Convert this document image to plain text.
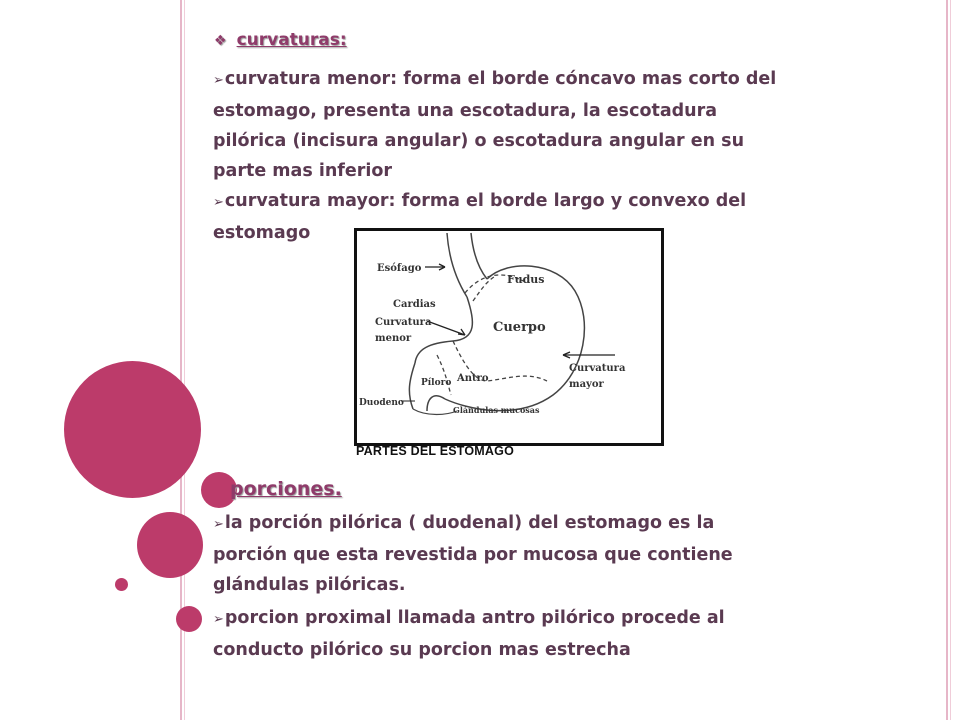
❖ curvaturas:
➢curvatura menor: forma el borde cóncavo mas corto del estomago, presenta una escotadura, la escotadura pilórica (incisura angular) o escotadura angular en su parte mas inferior
➢curvatura mayor: forma el borde largo y convexo del estomago
Esófago
Fudus
Cardias
Curvatura
menor
Cuerpo
Curvatura
mayor
Píloro Antro
Duodeno
Glándulas mucosas
PARTES DEL ESTOMAGO
porciones.
➢la porción pilórica ( duodenal) del estomago es la porción que esta revestida por mucosa que contiene glándulas pilóricas.
➢porcion proximal llamada antro pilórico procede al conducto pilórico su porcion mas estrecha
